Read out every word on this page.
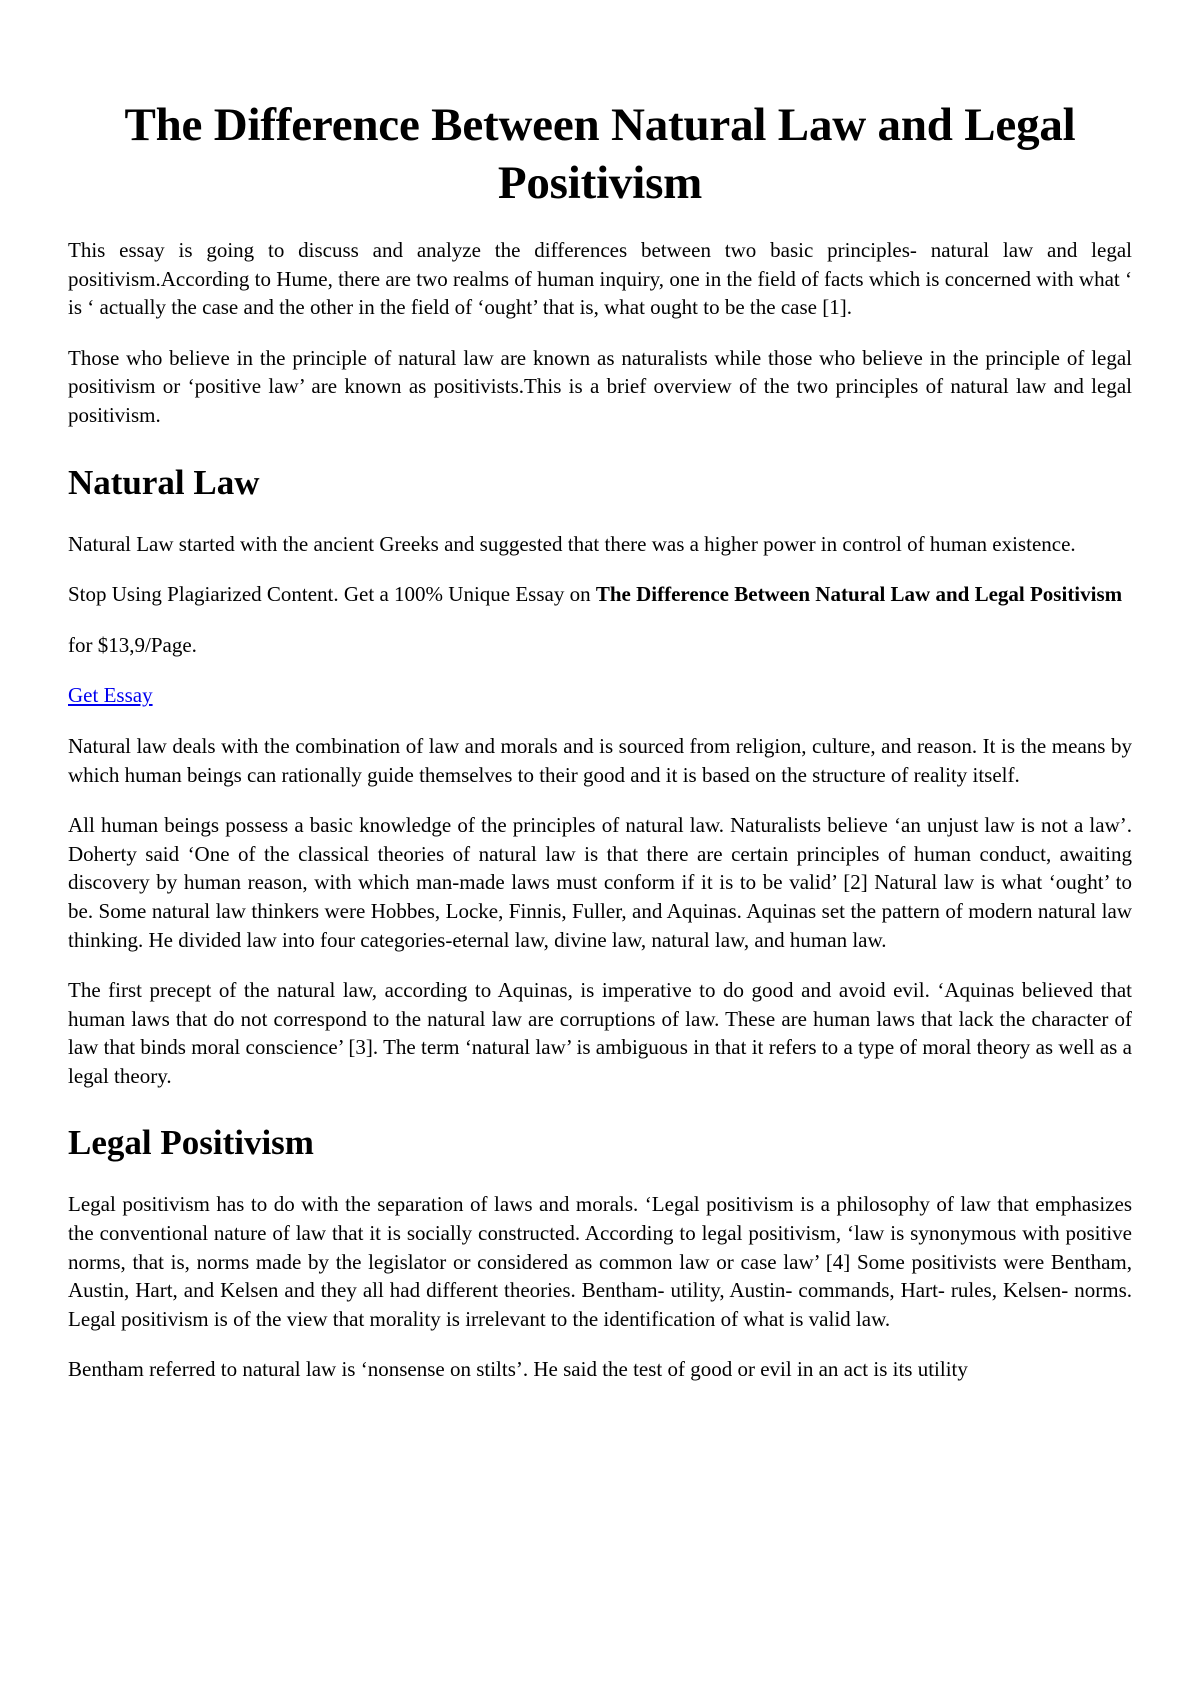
The Difference Between Natural Law and Legal Positivism

This essay is going to discuss and analyze the differences between two basic principles- natural law and legal positivism.According to Hume, there are two realms of human inquiry, one in the field of facts which is concerned with what ‘ is ‘ actually the case and the other in the field of ‘ought’ that is, what ought to be the case [1].

Those who believe in the principle of natural law are known as naturalists while those who believe in the principle of legal positivism or ‘positive law’ are known as positivists.This is a brief overview of the two principles of natural law and legal positivism.

Natural Law

Natural Law started with the ancient Greeks and suggested that there was a higher power in control of human existence.

Stop Using Plagiarized Content. Get a 100% Unique Essay on The Difference Between Natural Law and Legal Positivism

for $13,9/Page.

Get Essay

Natural law deals with the combination of law and morals and is sourced from religion, culture, and reason. It is the means by which human beings can rationally guide themselves to their good and it is based on the structure of reality itself.

All human beings possess a basic knowledge of the principles of natural law. Naturalists believe ‘an unjust law is not a law’. Doherty said ‘One of the classical theories of natural law is that there are certain principles of human conduct, awaiting discovery by human reason, with which man-made laws must conform if it is to be valid’ [2] Natural law is what ‘ought’ to be. Some natural law thinkers were Hobbes, Locke, Finnis, Fuller, and Aquinas. Aquinas set the pattern of modern natural law thinking. He divided law into four categories-eternal law, divine law, natural law, and human law.

The first precept of the natural law, according to Aquinas, is imperative to do good and avoid evil. ‘Aquinas believed that human laws that do not correspond to the natural law are corruptions of law. These are human laws that lack the character of law that binds moral conscience’ [3]. The term ‘natural law’ is ambiguous in that it refers to a type of moral theory as well as a legal theory.

Legal Positivism

Legal positivism has to do with the separation of laws and morals. ‘Legal positivism is a philosophy of law that emphasizes the conventional nature of law that it is socially constructed. According to legal positivism, ‘law is synonymous with positive norms, that is, norms made by the legislator or considered as common law or case law’ [4] Some positivists were Bentham, Austin, Hart, and Kelsen and they all had different theories. Bentham- utility, Austin- commands, Hart- rules, Kelsen- norms. Legal positivism is of the view that morality is irrelevant to the identification of what is valid law.

Bentham referred to natural law is ‘nonsense on stilts’. He said the test of good or evil in an act is its utility
